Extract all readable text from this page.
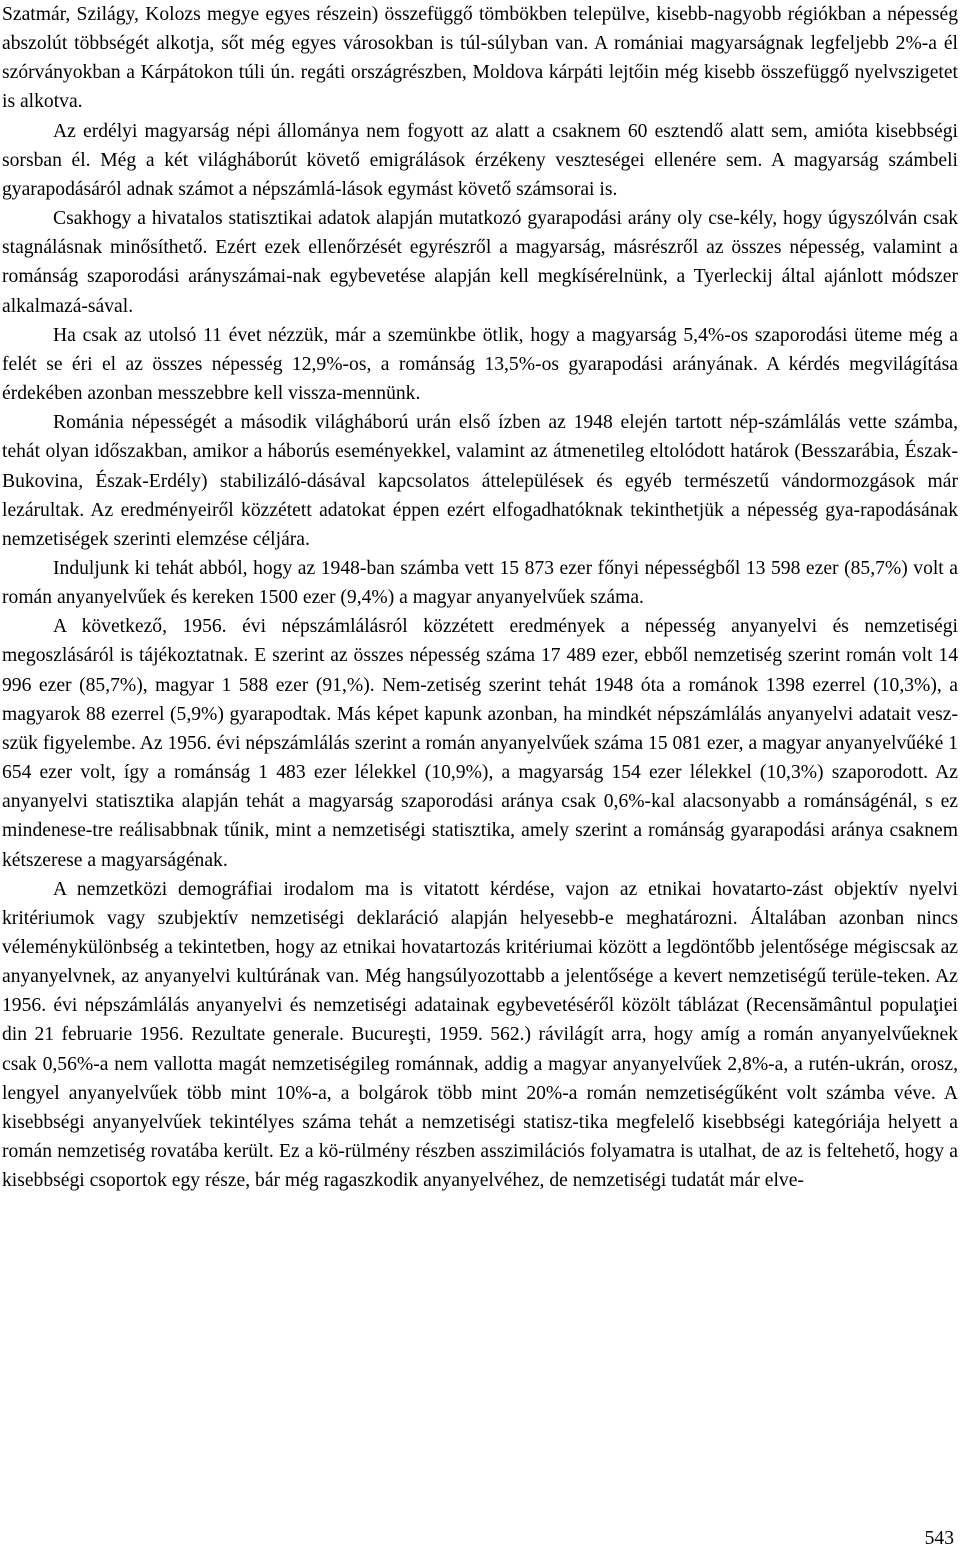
Szatmár, Szilágy, Kolozs megye egyes részein) összefüggő tömbökben települve, kisebb-nagyobb régiókban a népesség abszolút többségét alkotja, sőt még egyes városokban is túl-súlyban van. A romániai magyarságnak legfeljebb 2%-a él szórványokban a Kárpátokon túli ún. regáti országrészben, Moldova kárpáti lejtőin még kisebb összefüggő nyelvszigetet is alkotva.

Az erdélyi magyarság népi állománya nem fogyott az alatt a csaknem 60 esztendő alatt sem, amióta kisebbségi sorsban él. Még a két világháborút követő emigrálások érzékeny veszteségei ellenére sem. A magyarság számbeli gyarapodásáról adnak számot a népszámlá-lások egymást követő számsorai is.

Csakhogy a hivatalos statisztikai adatok alapján mutatkozó gyarapodási arány oly cse-kély, hogy úgyszólván csak stagnálásnak minősíthető. Ezért ezek ellenőrzését egyrészről a magyarság, másrészről az összes népesség, valamint a románság szaporodási arányszámai-nak egybevetése alapján kell megkísérelnünk, a Tyerleckij által ajánlott módszer alkalmazá-sával.

Ha csak az utolsó 11 évet nézzük, már a szemünkbe ötlik, hogy a magyarság 5,4%-os szaporodási üteme még a felét se éri el az összes népesség 12,9%-os, a románság 13,5%-os gyarapodási arányának. A kérdés megvilágítása érdekében azonban messzebbre kell vissza-mennünk.

Románia népességét a második világháború urán első ízben az 1948 elején tartott nép-számlálás vette számba, tehát olyan időszakban, amikor a háborús eseményekkel, valamint az átmenetileg eltolódott határok (Besszarábia, Észak-Bukovina, Észak-Erdély) stabilizáló-dásával kapcsolatos áttelepülések és egyéb természetű vándormozgások már lezárultak. Az eredményeiről közzétett adatokat éppen ezért elfogadhatóknak tekinthetjük a népesség gya-rapodásának nemzetiségek szerinti elemzése céljára.

Induljunk ki tehát abból, hogy az 1948-ban számba vett 15 873 ezer főnyi népességből 13 598 ezer (85,7%) volt a román anyanyelvűek és kereken 1500 ezer (9,4%) a magyar anyanyelvűek száma.

A következő, 1956. évi népszámlálásról közzétett eredmények a népesség anyanyelvi és nemzetiségi megoszlásáról is tájékoztatnak. E szerint az összes népesség száma 17 489 ezer, ebből nemzetiség szerint román volt 14 996 ezer (85,7%), magyar 1 588 ezer (91,%). Nem-zetiség szerint tehát 1948 óta a románok 1398 ezerrel (10,3%), a magyarok 88 ezerrel (5,9%) gyarapodtak. Más képet kapunk azonban, ha mindkét népszámlálás anyanyelvi adatait vesz-szük figyelembe. Az 1956. évi népszámlálás szerint a román anyanyelvűek száma 15 081 ezer, a magyar anyanyelvűéké 1 654 ezer volt, így a románság 1 483 ezer lélekkel (10,9%), a magyarság 154 ezer lélekkel (10,3%) szaporodott. Az anyanyelvi statisztika alapján tehát a magyarság szaporodási aránya csak 0,6%-kal alacsonyabb a románságénál, s ez mindenese-tre reálisabbnak tűnik, mint a nemzetiségi statisztika, amely szerint a románság gyarapodási aránya csaknem kétszerese a magyarságénak.

A nemzetközi demográfiai irodalom ma is vitatott kérdése, vajon az etnikai hovatarto-zást objektív nyelvi kritériumok vagy szubjektív nemzetiségi deklaráció alapján helyesebb-e meghatározni. Általában azonban nincs véleménykülönbség a tekintetben, hogy az etnikai hovatartozás kritériumai között a legdöntőbb jelentősége mégiscsak az anyanyelvnek, az anyanyelvi kultúrának van. Még hangsúlyozottabb a jelentősége a kevert nemzetiségű terüle-teken. Az 1956. évi népszámlálás anyanyelvi és nemzetiségi adatainak egybevetéséről közölt táblázat (Recensământul populaţiei din 21 februarie 1956. Rezultate generale. Bucureşti, 1959. 562.) rávilágít arra, hogy amíg a román anyanyelvűeknek csak 0,56%-a nem vallotta magát nemzetiségileg románnak, addig a magyar anyanyelvűek 2,8%-a, a rutén-ukrán, orosz, lengyel anyanyelvűek több mint 10%-a, a bolgárok több mint 20%-a román nemzetiségűként volt számba véve. A kisebbségi anyanyelvűek tekintélyes száma tehát a nemzetiségi statisz-tika megfelelő kisebbségi kategóriája helyett a román nemzetiség rovatába került. Ez a kö-rülmény részben asszimilációs folyamatra is utalhat, de az is feltehető, hogy a kisebbségi csoportok egy része, bár még ragaszkodik anyanyelvéhez, de nemzetiségi tudatát már elve-

543
